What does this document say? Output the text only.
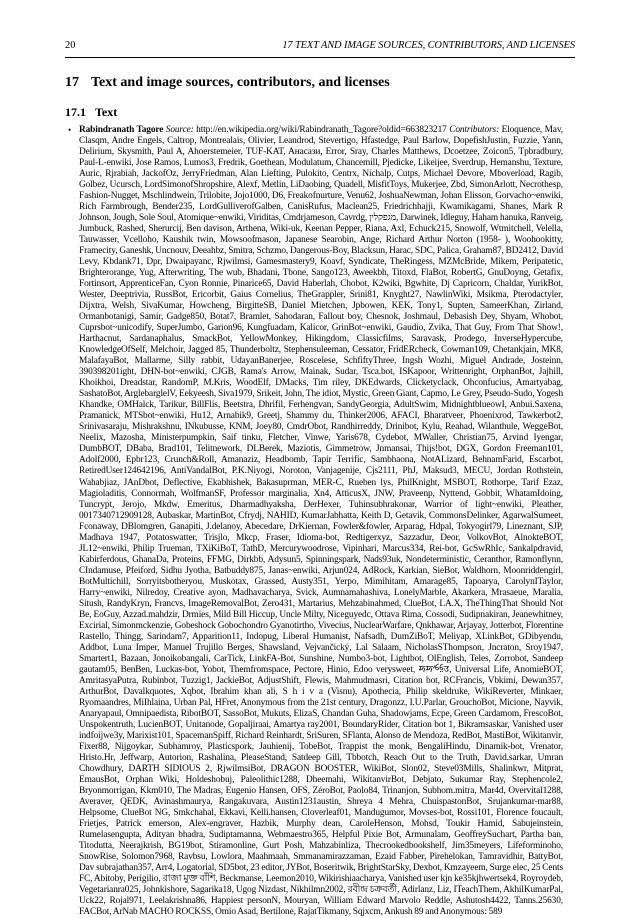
20	17 TEXT AND IMAGE SOURCES, CONTRIBUTORS, AND LICENSES
17 Text and image sources, contributors, and licenses
17.1 Text
• Rabindranath Tagore Source: http://en.wikipedia.org/wiki/Rabindranath_Tagore?oldid=663823217 Contributors: Eloquence, Mav, Clasqm, Andre Engels, Caltrop, Montrealais, Olivier, Leandrod, Stevertigo, Hfastedge, Paul Barlow, DopefishJustin, Fuzzie, Yann, Delirium, Skysmith, Paul A, Ahoerstemeier, TUF-KAT, Aнaсaзи, Error, Sray, Charles Matthews, Dcoetzee, Zoicon5, Tpbradbury, Paul-L-enwiki, Jose Ramos, Lumos3, Fredrik, Goethean, Modulatum, Chancemill, Pjedicke, Likeijee, Sverdrup, Hemanshu, Texture, Auric, Rjrabiah, JackofOz, JerryFriedman, Alan Liefting, Pulokito, Centrx, Nichalp, Cutps, Michael Devore, Mboverload, Ragib, Golbez, Ucursch, LordSimonofShropshire, Alexf, Metlin, LiDaobing, Quadell, MisfitToys, Mukerjee, Zbd, SimonArlott, Necrothesp, Fashion-Nugget, Mschlindwein, Trilobite, Jojo1000, D6, Freakofnurture, Venu62, JoshuaNewman, Johan Elisson, Gorvacho~enwiki, Rich Farmbrough, Bender235, LordGulliverofGalben, CanisRufus, Maclean25, Friedrichhajji, Kwamikagami, Shanes, Mark R Johnson, Jough, Sole Soul, Atomique~enwiki, Viriditas, Cmdrjameson, Cavrdg, מגפקלין, Darwinek, Idleguy, Haham hanuka, Ranveig, Jumbuck, Rashed, Sherurcij, Ben davison, Arthena, Wiki-uk, Keenan Pepper, Riana, Axl, Echuck215, Snowolf, Wtmitchell, Velella, Tauwasser, Vcelloho, Kaushik twin, Mowsoofmason, Japanese Searobin, Ange, Richard Arthur Norton (1958- ), Woohookitty, Framecity, Ganeshk, Uncnouv, Deeahbz, Smitra, Schzmo, Dangerous-Boy, Blacksun, Harac, SDC, Palica, Graham87, BD2412, David Levy, Kbdank71, Dpr, Dwaipayanc, Rjwilmsi, Gamesmastery9, Koavf, Syndicate, TheRingess, MZMcBride, Mikem, Peripatetic, Brighterorange, Yug, Afterwriting, The wub, Bhadani, Tbone, Sango123, Aweekbh, Titoxd, FlaBot, RobertG, GnuDoyng, Getafix, Fortinsort, ApprenticeFan, Cyon Ronnie, Pinarice65, David Haberlah, Chobot, K2wiki, Bgwhite, Dj Capricorn, Chaldar, YurikBot, Wester, Deeptrivia, RussBot, Ericorbit, Gaius Cornelius, TheGrappler, Srini81, Knyght27, NawlinWiki, Msikma, Pterodactyler, Dijxtra, Welsh, SivaKumar, Howcheng, BirgitteSB, Daniel Mietchen, Jpbowen, KEK, Tony1, Supten, SameerKhan, Zirland, Ormanbotanigi, Samir, Gadge850, Botat7, Bramlet, Sahodaran, Fallout boy, Chesnok, Joshmaul, Debasish Dey, Shyam, Whobot, Cuprsbot~unicodify, SuperJumbo, Garion96, Kungfuadam, Kalicor, GrinBot~enwiki, Gaudio, Zvika, That Guy, From That Show!, Harthacnut, Sardanaphalus, SmackBot, YellowMonkey, Hikingdom, Classicfilms, Saravask, Prodego, InverseHypercube, KnowledgeOfSelf, Melchoir, Jagged 85, Thunderboltz, Stephensuleeman, Cessator, FridERcheck, Cowman109, Chetankjain, MK8, MalafayaBot, Mallarme, Silly rabbit, UdayanBanerjee, Roscelese, SchfiftyThree, Ingsh Wozhi, Miguel Andrade, Josteinn, 390398201ight, DHN-bot~enwiki, CJGB, Rama's Arrow, Mainak, Sudar, Tsca.bot, ISKapoor, Writtenright, OrphanBot, Jajhill, Khoikhoi, Dreadstar, RandomP, M.Kris, WoodElf, DMacks, Tim riley, DKEdwards, Clicketyclack, Ohconfucius, Amartyabag, SashatoBot, ArglebarglelV, Eekyeesh, Siva1979, Srikeit, John, The idiot, Mystic, Green Giant, Capmo, Le Grey, Pseudo-Sudo, Yogesh Khandke, OMHalck, Tarikur, BillFlis, Beetstra, Dhrifil, Ferhengvan, SandyGeorgia, AdultSwim, MidnightblueowI, Anbui.Saxena, Pramanick, MTSbot~enwiki, Hu12, Arnabik9, Greetj, Shammy du, Thinker2006, AFACI, Bharatveer, Phoenixrod, Tawkerbot2, Srinivasaraju, Mishrakshnu, INkubusse, KNM, Joey80, CmdrObot, Randhirreddy, Drinibot, Kylu, Reahad, Wilanthule, WeggeBot, Neelix, Mazosha, Ministerpumpkin, Saif tinku, Fletcher, Vinwe, Yaris678, Cydebot, MWaller, Christian75, Arvind Iyengar, DumbBOT, DBaba, Brad101, Telitnework, DLBerek, Maziotis, Gimmetrow, Jnmansai, Thijs!bot, DGX, Gordon Freeman101, Adolf2000, Epbr123, Crunch&Roll, Amanaziz, Headbomb, Tapir Terrific, Sambhaona, NotALizard, BehnamFarid, Escarbot, RetiredUser124642196, AntiVandalBot, P.K.Niyogi, Noroton, Vanjagenije, Cjs2111, PhJ, Maksud3, MECU, Jordan Rothstein, Wahabjiaz, JAnDbot, Deflective, Ekabhishek, Bakasuprman, MER-C, Rueben lys, PhilKnight, MSBOT, Rothorpe, Tarif Ezaz, Magioladitis, Connormah, WolfmanSF, Professor marginalia, Xn4, AtticusX, JNW, Praveenp, Nyttend, Gobbit, WhatamIdoing, Tuncrypt, Jerojo, Mkdw, Emeritus, Dharmadhyaksha, DerHexer, Tuhinsubhrakonar, Warrior of light~enwiki, Pleather, 0017340712909128, Aubaskar, MartinBot, Cfrydj, NAHID, KumarJabhatta, Keith D, Getavik, CommonsDelinker, AgarwalSumeet, Fconaway, DBlomgren, Ganapiti, J.delanoy, Abecedare, DrKiernan, Fowler&fowler, Arparag, Hdpal, Tokyogirl79, Lineznant, SJP, Madhava 1947, Potatoswatter, Trisjlo, Mkcp, Fraser, Idioma-bot, Redtigerxyz, Sazzadur, Deor, VolkovBot, AlnokteBOT, JL12~enwiki, Philip Trueman, TXiKiBoT, TathD, Mercurywoodrose, Vipinhari, Marcus334, Rei-bot, GcSwRhIc, Sankalpdravid, Kabirferdous, GhanaDa, Proteins, FFMG, Dirkbb, Adysun5, Spinningspark, Nads93uk, Nondeterministic, Ceranthor, Ramonflynn, CIndamuse, Pfeiford, Sidhu Jyotha, Batbuddy875, Janas~enwiki, Arjun024, AdRock, Karkian, SieBot, Waldhorn, Moonriddengirl, BotMultichill, Sorryitsbotheryou, Muskotax, Grassed, Austy351, Yerpo, Mimihitam, Amarage85, Tapoarya, CarolynITaylor, Harry~enwiki, Nilredoy, Creative ayon, Madhavacharya, Svick, Aumnamahashiva, LonelyMarble, Akarkera, Mrasaeue, Maralia, Sitush, RandyKryn, Francvs, ImageRemovalBot, Zero431, Martarius, Mehzabinahmed, ClueBot, LA.X, TheThingThat Should Not Be, EoGuy, Azzad.mahdzir, Drmies, Mild Bill Hiccup, Uncle Milty, Niceguyedc, Ottava Rima, Cossodi, Sudipnakiran, Jeanewhitney, Excirial, Simonmckenzie, Gobeshock Gobochondro Gyanotirtho, Vivecius, NuclearWarfare, Qnkhawar, Arjayay, Jotterbot, Florentine Rastello, Thingg, Sarindam7, Apparition11, Indopug, Liberal Humanist, Nafsadh, DumZiBoT, Meliyap, XLinkBot, GDibyendu, Addbot, Luna Imper, Manuel Trujillo Berges, Shawsland, Vejvančický, Lal Salaam, NicholasSThompson, Jncraton, Sroy1947, Smartert1, Bazaan, Jonoikobangali, CarTick, LinkFA-Bot, Sunshine, Numbo3-bot, Lightbot, OlEnglish, Teles, Zorrobot, Sandeep gautam05, BenBen, Luckas-bot, Yobot, Themfromspace, Pectore, Hinio, Edoo verysweet, 𑠀𑠁𑠂𑠃𑠄, Universal Life, AnomieBOT, AmritasyaPutra, Rubinbot, Tuzzig1, JackieBot, AdjustShift, Flewis, Mahmudmasri, Citation bot, RCFrancis, Vbkimi, Dewan357, ArthurBot, Davalkquotes, Xqbot, Ibrahim khan ali, S h i v a (Visnu), Apothecia, Philip skeldruke, WikiReverter, Minkaer, Ryomaandres, MiIhlaina, Urban Pal, HFret, Anonymous from the 21st century, Dragonzz, I.U.Parlar, GrouchoBot, Micione, Nayvik, Anaryapaul, Omnipaedista, RibotBOT, SassoBot, Mukuts, ElizaS, Chandan Guha, Shadowjams, Ecpe, Green Cardamom, FrescoBot, Unspokentruth, LucienBOT, Unitanode, Gopaljiraai, Amartya ray2001, BoundaryRider, Citation bot 1, Bikramsaskar, Vanished user indfoijwe3y, Marixist101, SpacemanSpiff, Richard Reinhardt, SriSuren, SFlanta, Alonso de Mendoza, RedBot, MastiBot, Wikitanvir, Fixer88, Nijgoykar, Subhamroy, Plasticspork, Jauhienij, TobeBot, Trappist the monk, BengaliHindu, Dinamik-bot, Vrenator, Hristo.Hr, Jeffwarp, Autorion, Rashalina, PleaseStand, Satdeep Gill, Tbbotch, Reach Out to the Truth, David.sarkar, Umran Chowdhury, DARTH SIDIOUS 2, RjwilmsiBot, DRAGON BOOSTER, WikiBot, Slon02, Steve03Mills, Shalinkwr, Mitprat, EmausBot, Orphan Wiki, Holdeshobuj, Paleolithic1288, Dheemahi, WikitanvirBot, Debjato, Sukumar Ray, Stephencole2, Bryonmorrigan, Kkm010, The Madras, Eugenio Hansen, OFS, ZéroBot, Paolo84, Trinanjon, Subhom.mitra, Mar4d, Overvital1288, Averaver, QEDK, Avinashmaurya, Rangakuvara, Austin1231austin, Shreya 4 Mehra, ChuispastonBot, Srujankumar-mar88, Helpsome, ClueBot NG, Smkchahal, Ekkavi, Kelli.hansen, Cloverleaf01, Mandugumor, Movses-bot, Rossi101, Florence foucault, Frietjes, Patrick emerson, Alex-engraver, Hazbik, Murphy dean, CaroleHenson, Mohsd, Toukir Hamid, Sabujeinstein, Rumelasengupta, Adityan bhadra, Sudiptamanna, Webmaestro365, Helpful Pixie Bot, Armunalam, GeoffreySuchart, Partha ban, Titodutta, Neerajkrish, BG19bot, Stiramonline, Gurt Posh, Mahzabinliza, Thecrookedbookshelf, Jim35meyers, Lifeforminoho, SnowRise, Solomon7968, Ravbsu, Lowlora, Maahmaah, Smmanamirazzaman, Ezaid Fabber, Pirehelokan, Tamravidhir, BattyBot, Dav subrajathan357, Arr4, Logatorial, SD5bot, 23 editor, JYBot, Boseritwik, BrightStarSky, Dexbot, Kmzayeem, Surge elec, 25 Cents FC, Abitoby, Perigilio, রাজা মুক্ত বাঁশি, Beckmanse, Leemon2010, Wikirishiaacharya, Vanished user kjn ke35kjhwertsek4, Royroydeb, Vegetarianra025, Johnkishore, Sagarika18, Ugog Nizdast, Nikhilmn2002, রবীন্দ্র চক্রবর্তী, Adirlanz, Liz, ITeachThem, AkhilKumarPal, Uck22, Rojal971, Leelakrishna86, Happiest personN, Mouryan, William Edward Marvolo Reddle, Ashutosh4422, Tanns.25630, FACBot, ArNab MACHO ROCKSS, Omio Asad, Bertilone, RajatTikmany, Sqjxcm, Ankush 89 and Anonymous: 589
